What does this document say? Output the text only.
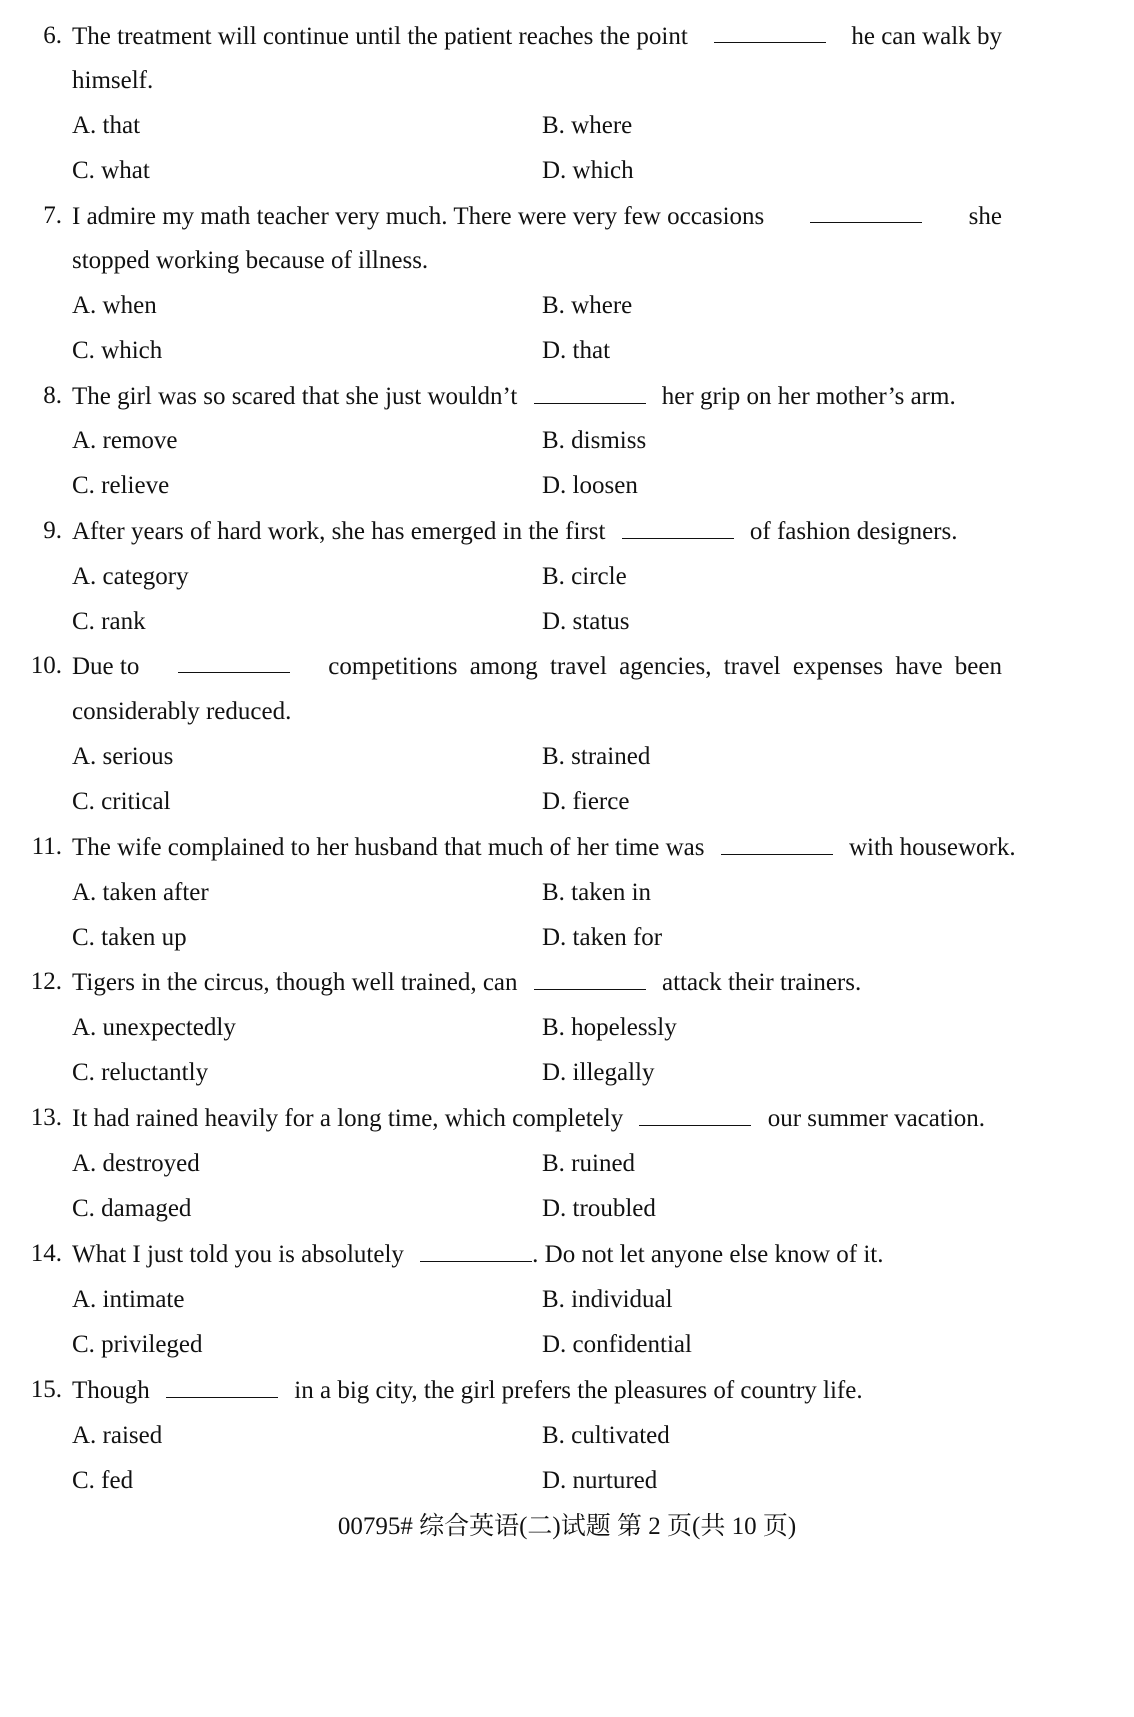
6. The treatment will continue until the patient reaches the point	he can walk by
himself.
A. that	B. where
C. what	D. which
7. I admire my math teacher very much. There were very few occasions	she
stopped working because of illness.
A. when	B. where
C. which	D. that
8. The girl was so scared that she just wouldn’t	her grip on her mother’s arm.
A. remove	B. dismiss
C. relieve	D. loosen
9. After years of hard work, she has emerged in the first	of fashion designers.
A. category	B. circle
C. rank	D. status
10. Due to	competitions among travel agencies, travel expenses have been
considerably reduced.
A. serious	B. strained
C. critical	D. fierce
11. The wife complained to her husband that much of her time was	with housework.
A. taken after	B. taken in
C. taken up	D. taken for
12. Tigers in the circus, though well trained, can	attack their trainers.
A. unexpectedly	B. hopelessly
C. reluctantly	D. illegally
13. It had rained heavily for a long time, which completely	our summer vacation.
A. destroyed	B. ruined
C. damaged	D. troubled
14. What I just told you is absolutely	. Do not let anyone else know of it.
A. intimate	B. individual
C. privileged	D. confidential
15. Though	in a big city, the girl prefers the pleasures of country life.
A. raised	B. cultivated
C. fed	D. nurtured
00795# 综合英语(二)试题 第 2 页(共 10 页)
